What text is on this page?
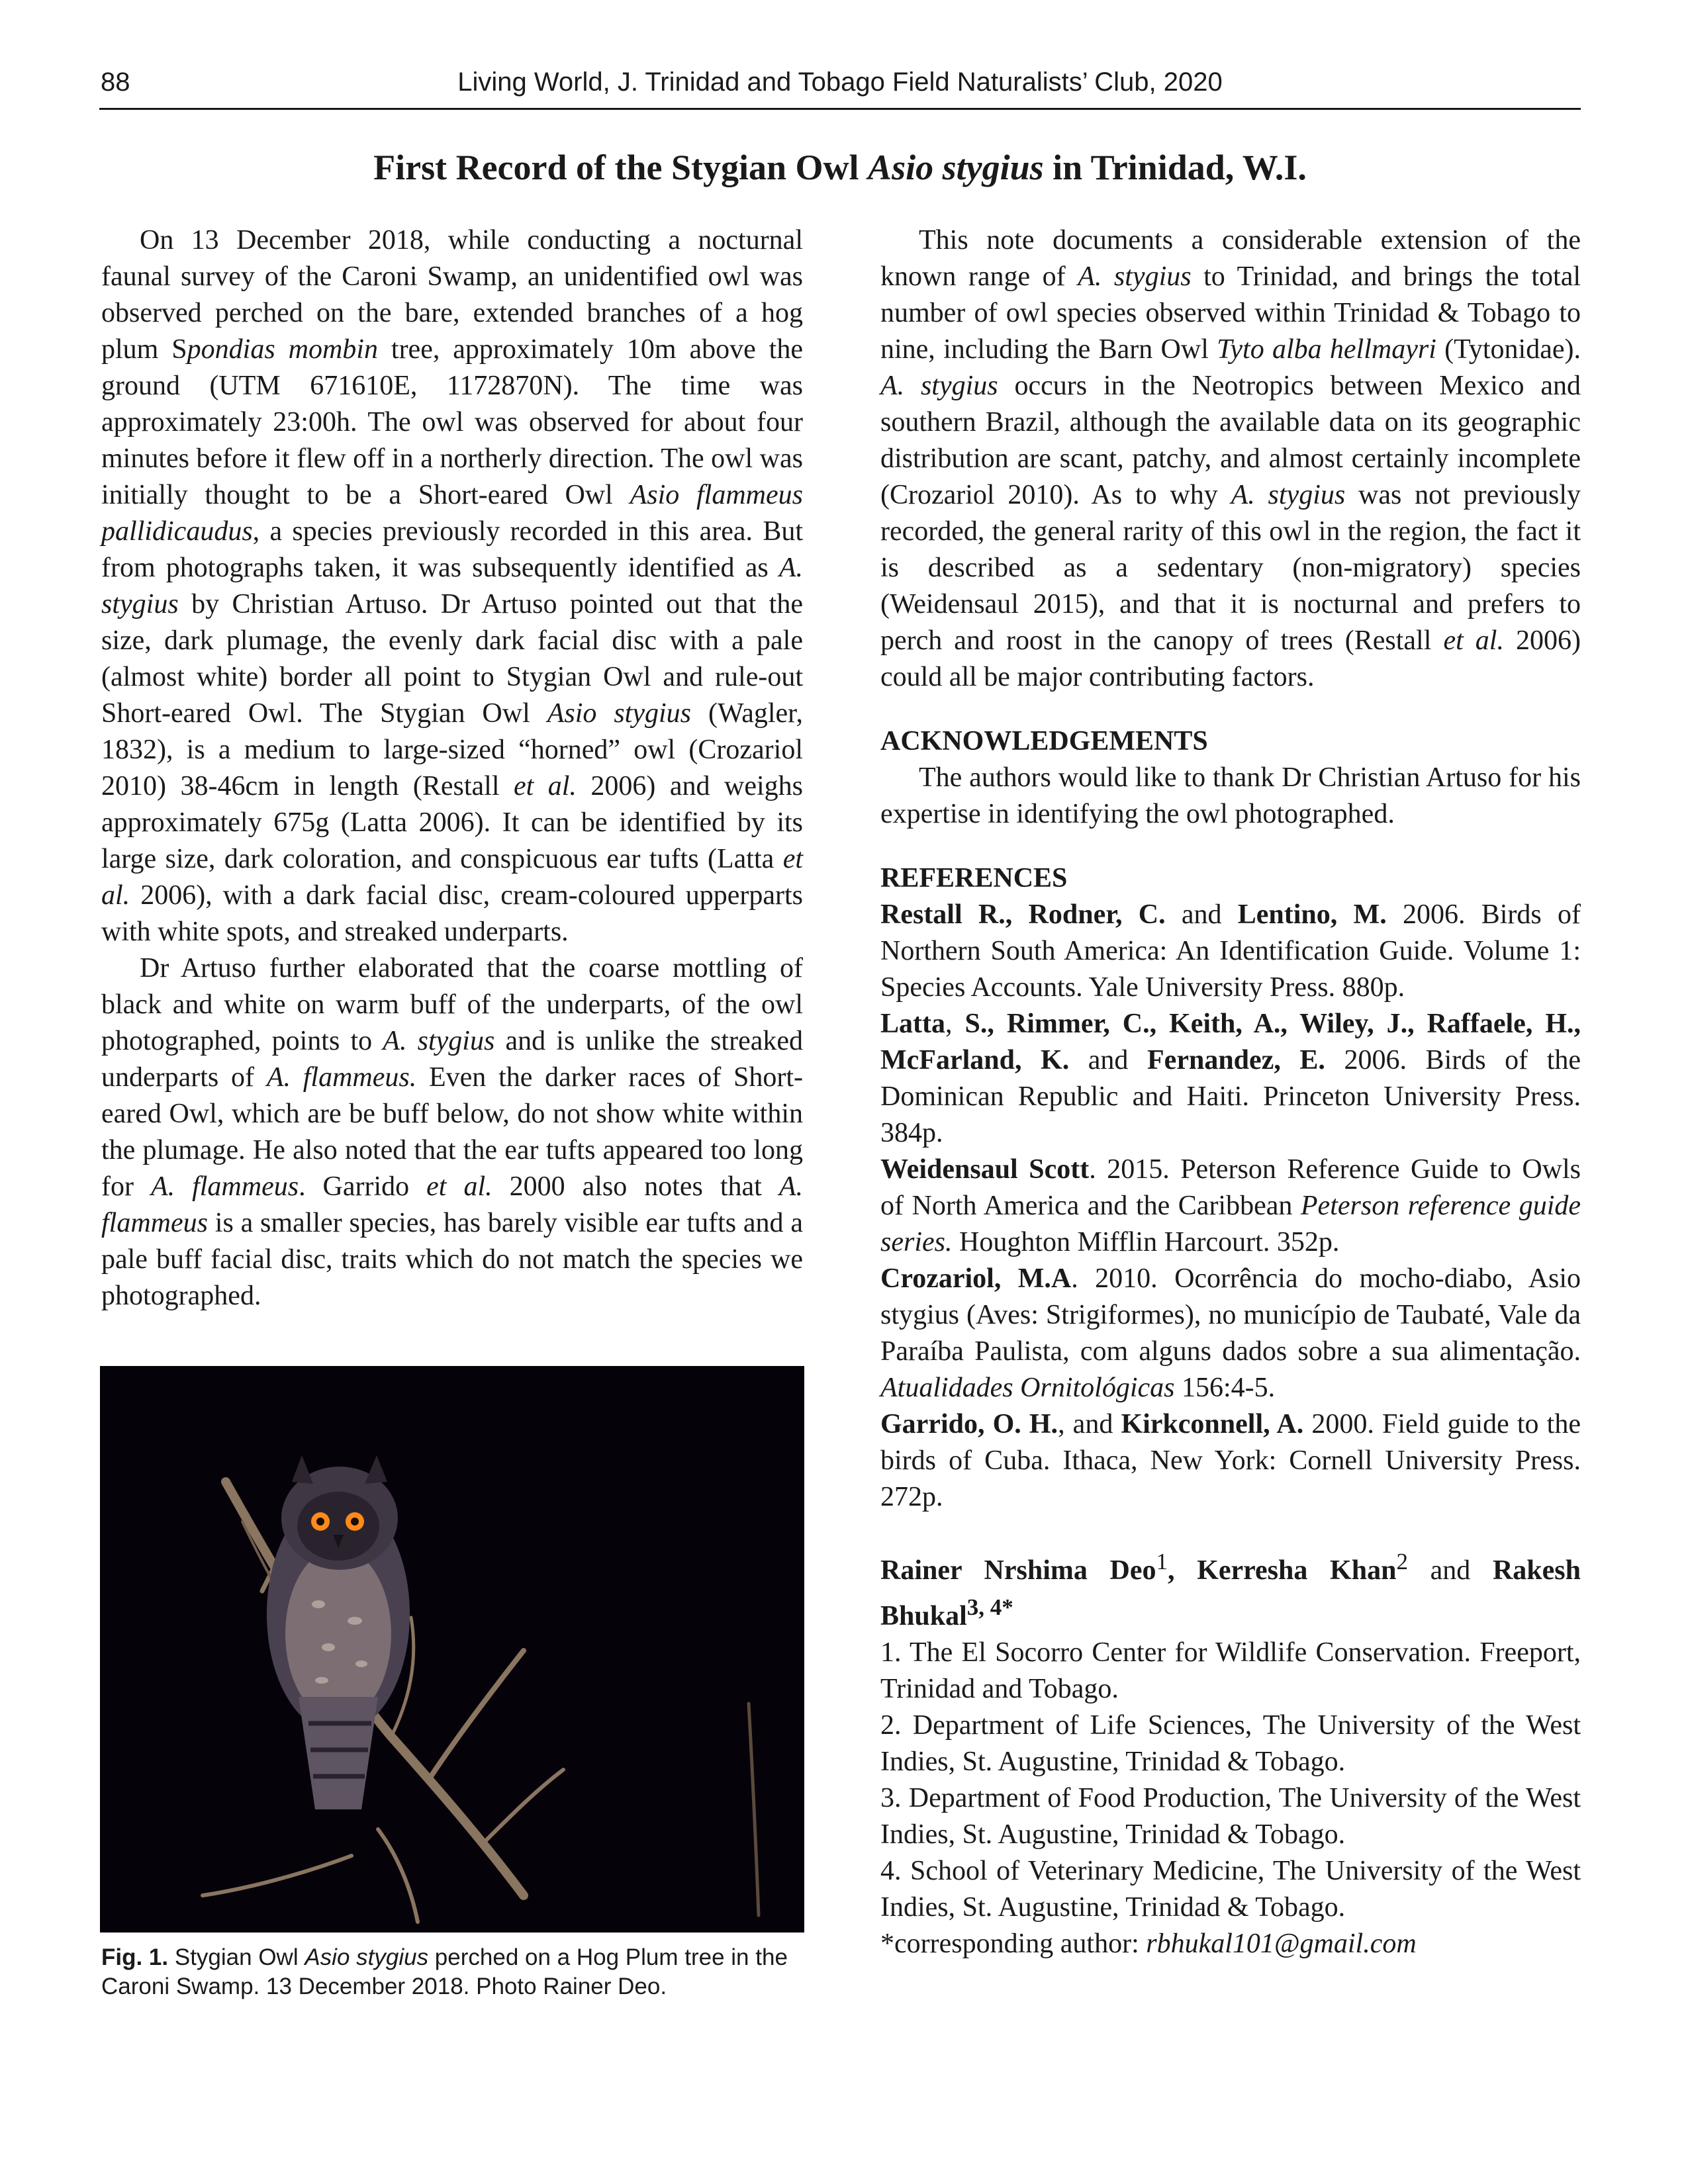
88	Living World, J. Trinidad and Tobago Field Naturalists’ Club, 2020
First Record of the Stygian Owl Asio stygius in Trinidad, W.I.

On 13 December 2018, while conducting a nocturnal faunal survey of the Caroni Swamp, an unidentified owl was observed perched on the bare, extended branches of a hog plum Spondias mombin tree, approximately 10m above the ground (UTM 671610E, 1172870N). The time was approximately 23:00h. The owl was observed for about four minutes before it flew off in a northerly direction. The owl was initially thought to be a Short-eared Owl Asio flammeus pallidicaudus, a species previously recorded in this area. But from photographs taken, it was subsequently identified as A. stygius by Christian Artuso. Dr Artuso pointed out that the size, dark plumage, the evenly dark facial disc with a pale (almost white) border all point to Stygian Owl and rule-out Short-eared Owl. The Stygian Owl Asio stygius (Wagler, 1832), is a medium to large-sized “horned” owl (Crozariol 2010) 38-46cm in length (Restall et al. 2006) and weighs approximately 675g (Latta 2006). It can be identified by its large size, dark coloration, and conspicuous ear tufts (Latta et al. 2006), with a dark facial disc, cream-coloured upperparts with white spots, and streaked underparts.

Dr Artuso further elaborated that the coarse mottling of black and white on warm buff of the underparts, of the owl photographed, points to A. stygius and is unlike the streaked underparts of A. flammeus. Even the darker races of Short-eared Owl, which are be buff below, do not show white within the plumage. He also noted that the ear tufts appeared too long for A. flammeus. Garrido et al. 2000 also notes that A. flammeus is a smaller species, has barely visible ear tufts and a pale buff facial disc, traits which do not match the species we photographed.

Fig. 1. Stygian Owl Asio stygius perched on a Hog Plum tree in the Caroni Swamp. 13 December 2018. Photo Rainer Deo.

This note documents a considerable extension of the known range of A. stygius to Trinidad, and brings the total number of owl species observed within Trinidad & Tobago to nine, including the Barn Owl Tyto alba hellmayri (Tytonidae). A. stygius occurs in the Neotropics between Mexico and southern Brazil, although the available data on its geographic distribution are scant, patchy, and almost certainly incomplete (Crozariol 2010). As to why A. stygius was not previously recorded, the general rarity of this owl in the region, the fact it is described as a sedentary (non-migratory) species (Weidensaul 2015), and that it is nocturnal and prefers to perch and roost in the canopy of trees (Restall et al. 2006) could all be major contributing factors.

ACKNOWLEDGEMENTS

The authors would like to thank Dr Christian Artuso for his expertise in identifying the owl photographed.

REFERENCES

Restall R., Rodner, C. and Lentino, M. 2006. Birds of Northern South America: An Identification Guide. Volume 1: Species Accounts. Yale University Press. 880p.

Latta, S., Rimmer, C., Keith, A., Wiley, J., Raffaele, H., McFarland, K. and Fernandez, E. 2006. Birds of the Dominican Republic and Haiti. Princeton University Press. 384p.

Weidensaul Scott. 2015. Peterson Reference Guide to Owls of North America and the Caribbean Peterson reference guide series. Houghton Mifflin Harcourt. 352p.

Crozariol, M.A. 2010. Ocorrência do mocho-diabo, Asio stygius (Aves: Strigiformes), no município de Taubaté, Vale da Paraíba Paulista, com alguns dados sobre a sua alimentação. Atualidades Ornitológicas 156:4-5.

Garrido, O. H., and Kirkconnell, A. 2000. Field guide to the birds of Cuba. Ithaca, New York: Cornell University Press. 272p.

Rainer Nrshima Deo$^1$, Kerresha Khan$^2$ and Rakesh Bhukal$^{3, 4*}$

1. The El Socorro Center for Wildlife Conservation. Freeport, Trinidad and Tobago.

2. Department of Life Sciences, The University of the West Indies, St. Augustine, Trinidad & Tobago.

3. Department of Food Production, The University of the West Indies, St. Augustine, Trinidad & Tobago.

4. School of Veterinary Medicine, The University of the West Indies, St. Augustine, Trinidad & Tobago.

*corresponding author: rbhukal101@gmail.com
